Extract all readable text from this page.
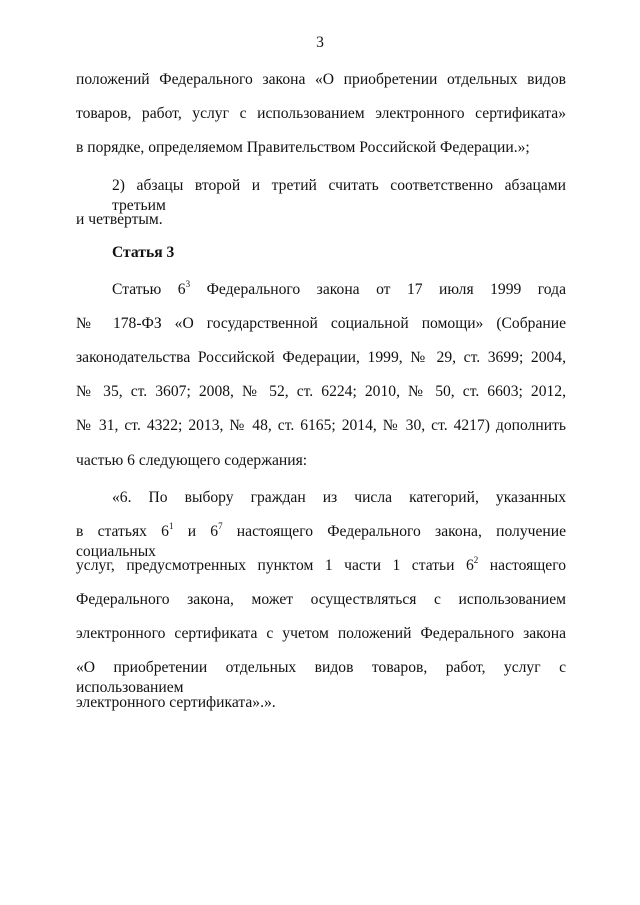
3
положений Федерального закона «О приобретении отдельных видов
товаров, работ, услуг с использованием электронного сертификата»
в порядке, определяемом Правительством Российской Федерации.»;
2) абзацы второй и третий считать соответственно абзацами третьим
и четвертым.
Статья 3
Статью $6^3$ Федерального закона от 17 июля 1999 года
№ 178-ФЗ «О государственной социальной помощи» (Собрание
законодательства Российской Федерации, 1999, № 29, ст. 3699; 2004,
№ 35, ст. 3607; 2008, № 52, ст. 6224; 2010, № 50, ст. 6603; 2012,
№ 31, ст. 4322; 2013, № 48, ст. 6165; 2014, № 30, ст. 4217) дополнить
частью 6 следующего содержания:
«6. По выбору граждан из числа категорий, указанных
в статьях $6^1$ и $6^7$ настоящего Федерального закона, получение социальных
услуг, предусмотренных пунктом 1 части 1 статьи $6^2$ настоящего
Федерального закона, может осуществляться с использованием
электронного сертификата с учетом положений Федерального закона
«О приобретении отдельных видов товаров, работ, услуг с использованием
электронного сертификата».».
